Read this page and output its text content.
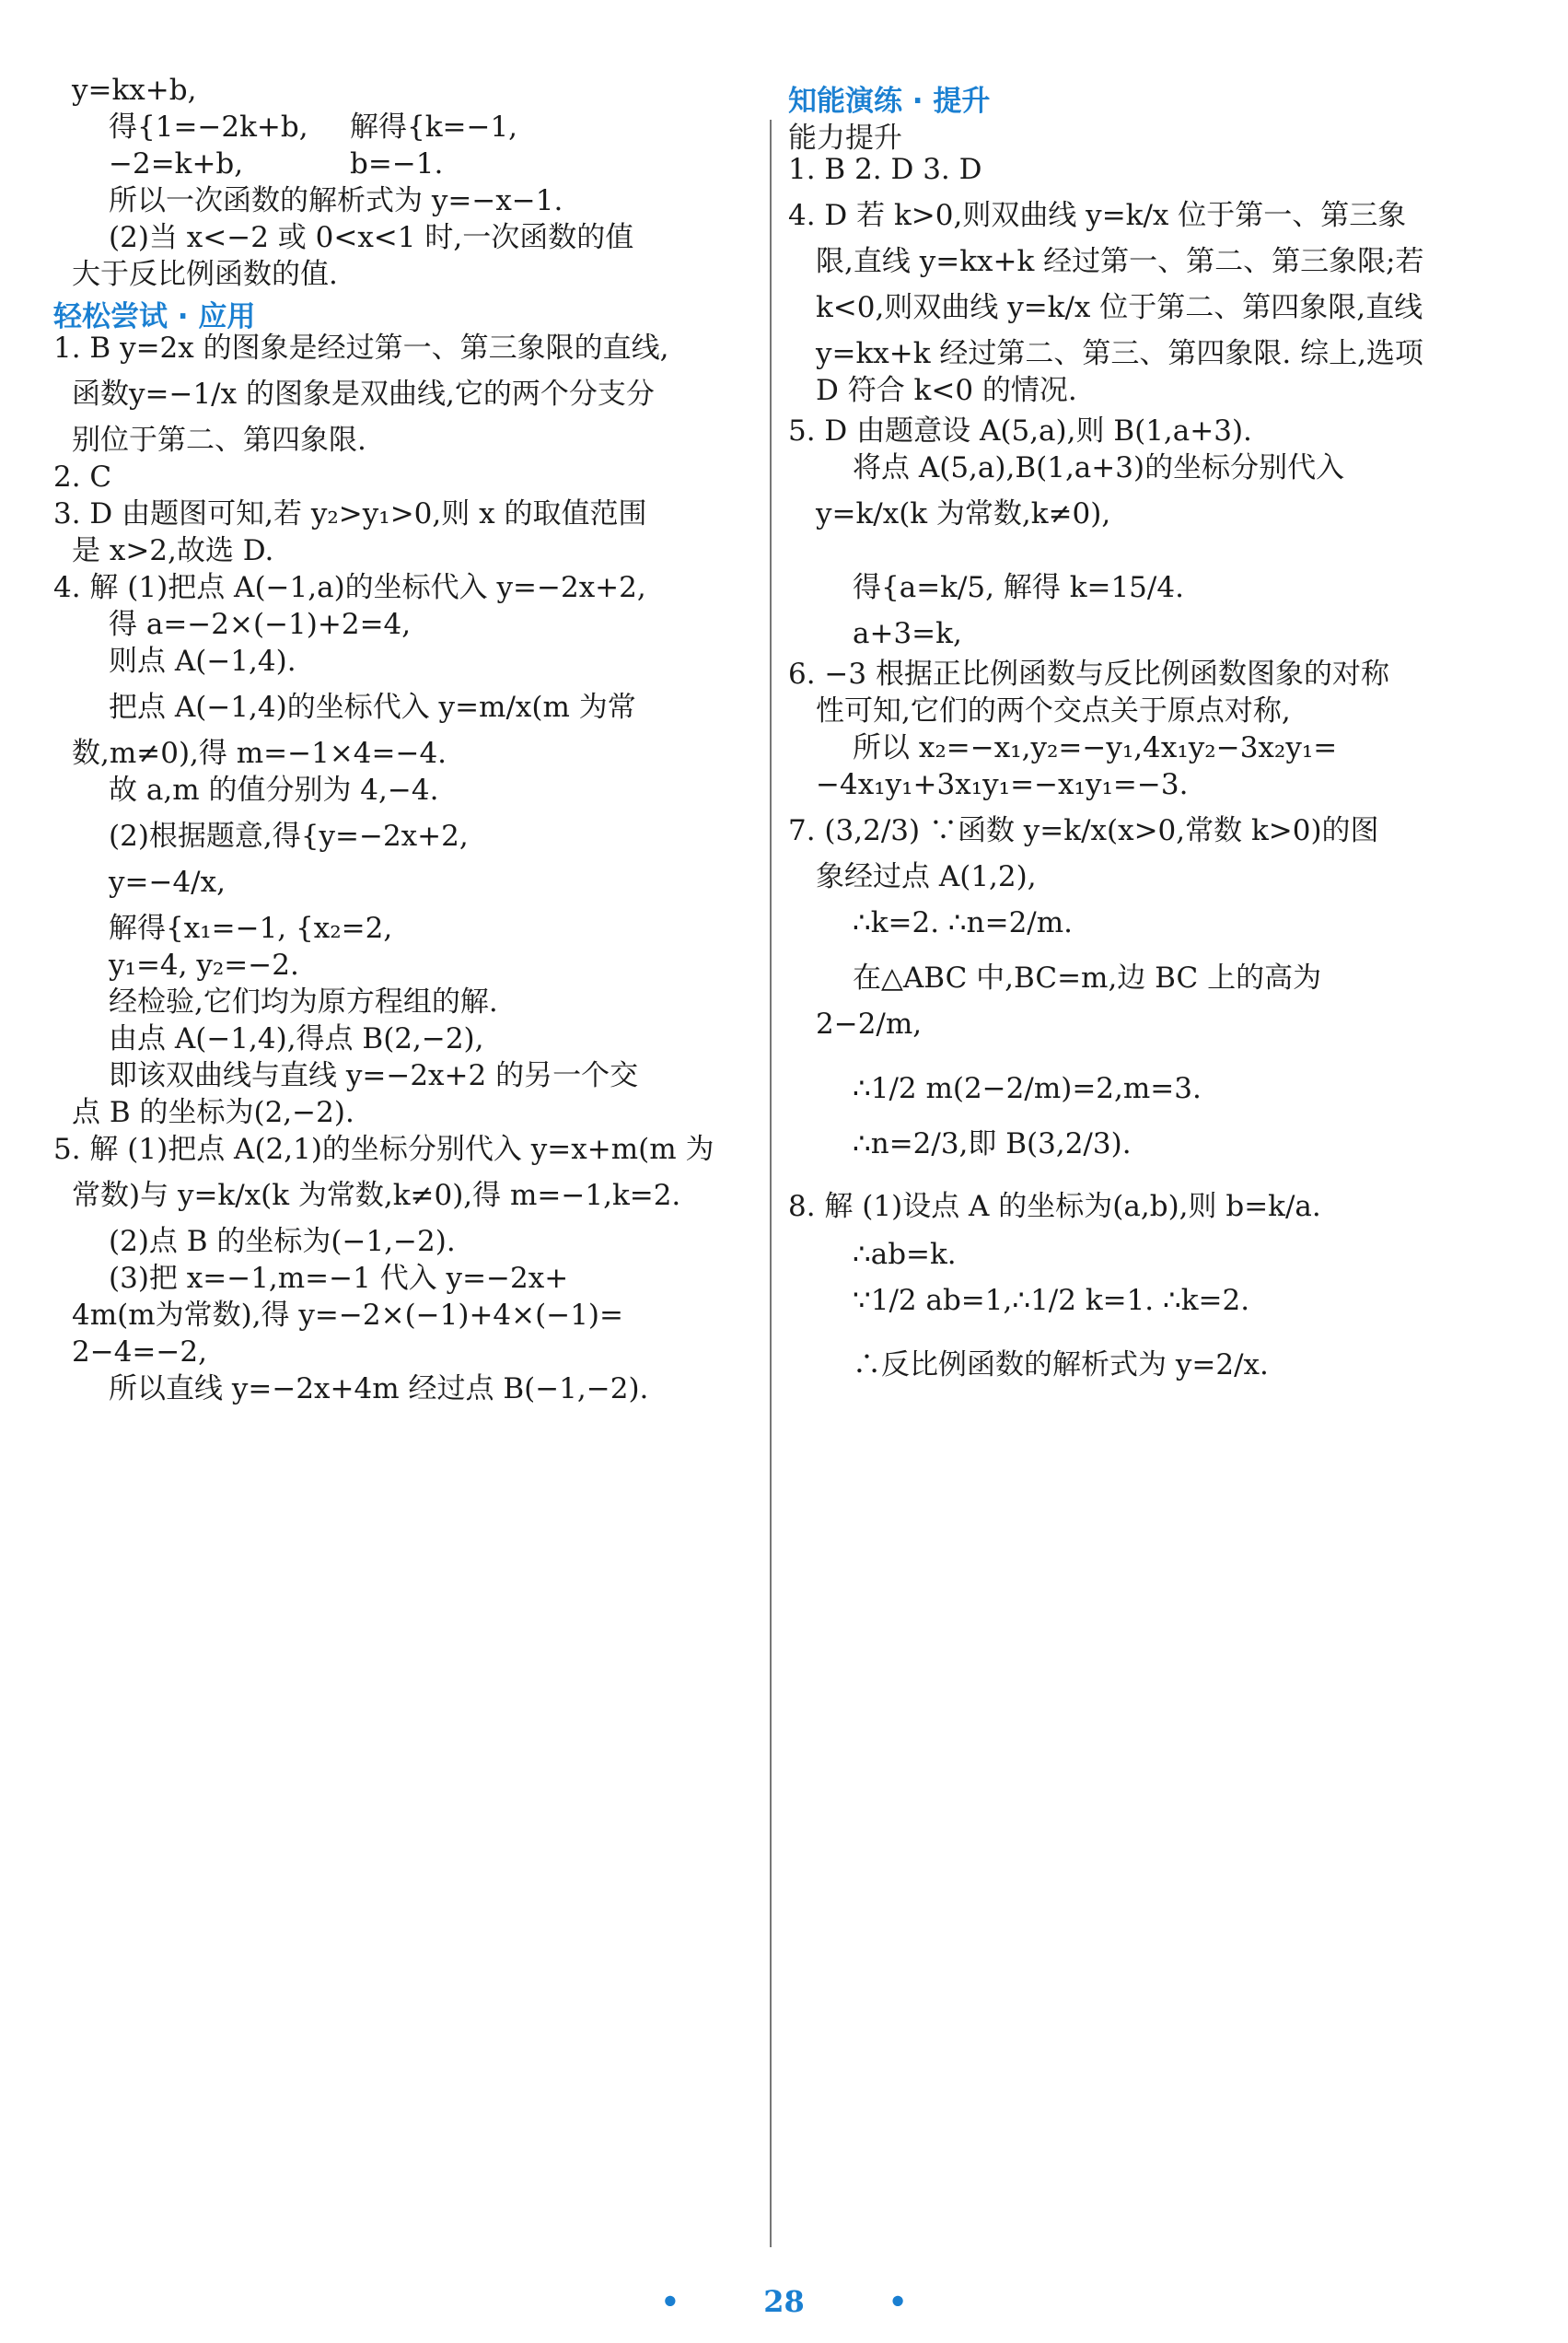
y=kx+b,
得{1=−2k+b,
−2=k+b,
解得{k=−1,
b=−1.
所以一次函数的解析式为 y=−x−1.
(2)当 x<−2 或 0<x<1 时,一次函数的值
大于反比例函数的值.
轻松尝试 · 应用
1. B y=2x 的图象是经过第一、第三象限的直线,
函数y=−1/x 的图象是双曲线,它的两个分支分
别位于第二、第四象限.
2. C
3. D 由题图可知,若 y₂>y₁>0,则 x 的取值范围
是 x>2,故选 D.
4. 解 (1)把点 A(−1,a)的坐标代入 y=−2x+2,
得 a=−2×(−1)+2=4,
则点 A(−1,4).
把点 A(−1,4)的坐标代入 y=m/x(m 为常
数,m≠0),得 m=−1×4=−4.
故 a,m 的值分别为 4,−4.
(2)根据题意,得{y=−2x+2,
y=−4/x,
解得{x₁=−1, {x₂=2,
y₁=4, y₂=−2.
经检验,它们均为原方程组的解.
由点 A(−1,4),得点 B(2,−2),
即该双曲线与直线 y=−2x+2 的另一个交
点 B 的坐标为(2,−2).
5. 解 (1)把点 A(2,1)的坐标分别代入 y=x+m(m 为
常数)与 y=k/x(k 为常数,k≠0),得 m=−1,k=2.
(2)点 B 的坐标为(−1,−2).
(3)把 x=−1,m=−1 代入 y=−2x+
4m(m为常数),得 y=−2×(−1)+4×(−1)=
2−4=−2,
所以直线 y=−2x+4m 经过点 B(−1,−2).
知能演练 · 提升
能力提升
1. B 2. D 3. D
4. D 若 k>0,则双曲线 y=k/x 位于第一、第三象
限,直线 y=kx+k 经过第一、第二、第三象限;若
k<0,则双曲线 y=k/x 位于第二、第四象限,直线
y=kx+k 经过第二、第三、第四象限. 综上,选项
D 符合 k<0 的情况.
5. D 由题意设 A(5,a),则 B(1,a+3).
将点 A(5,a),B(1,a+3)的坐标分别代入
y=k/x(k 为常数,k≠0),
得{a=k/5, 解得 k=15/4.
a+3=k,
6. −3 根据正比例函数与反比例函数图象的对称
性可知,它们的两个交点关于原点对称,
所以 x₂=−x₁,y₂=−y₁,4x₁y₂−3x₂y₁=
−4x₁y₁+3x₁y₁=−x₁y₁=−3.
7. (3,2/3) ∵函数 y=k/x(x>0,常数 k>0)的图
象经过点 A(1,2),
∴k=2. ∴n=2/m.
在△ABC 中,BC=m,边 BC 上的高为
2−2/m,
∴1/2 m(2−2/m)=2,m=3.
∴n=2/3,即 B(3,2/3).
8. 解 (1)设点 A 的坐标为(a,b),则 b=k/a.
∴ab=k.
∵1/2 ab=1,∴1/2 k=1. ∴k=2.
∴反比例函数的解析式为 y=2/x.
•	28	•
